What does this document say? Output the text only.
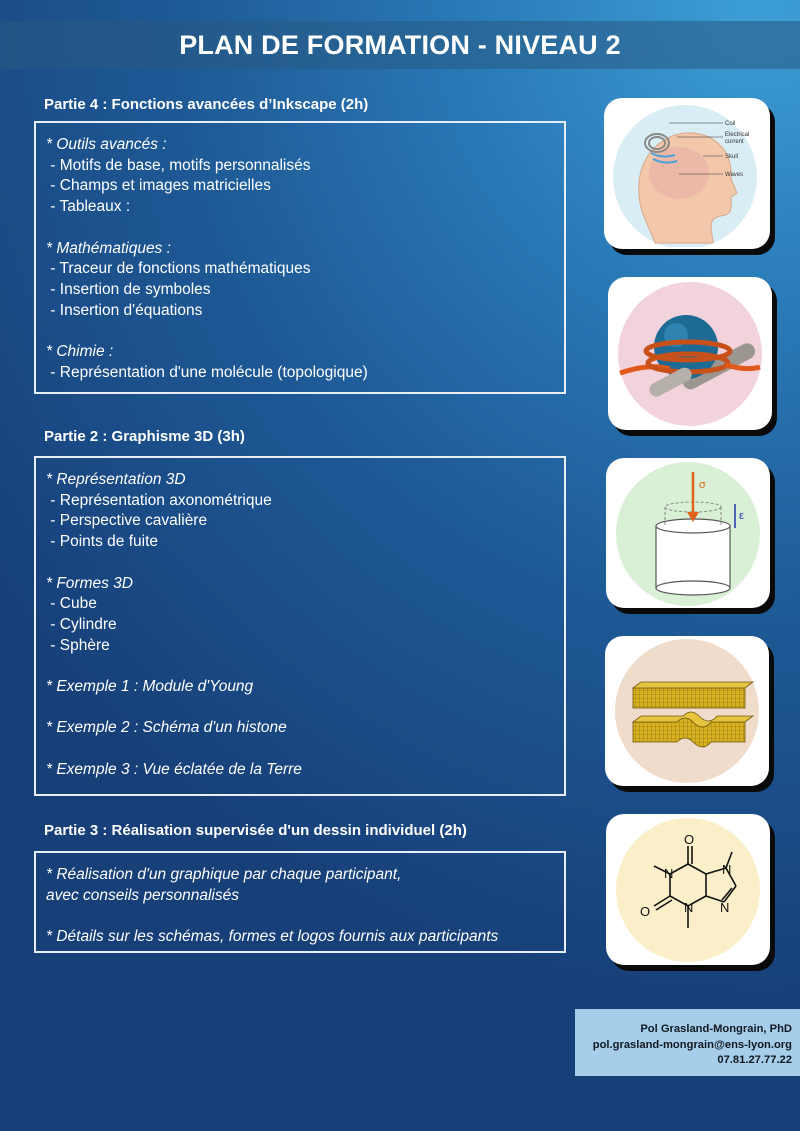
PLAN DE FORMATION - NIVEAU 2
Partie 4 : Fonctions avancées d’Inkscape (2h)
* Outils avancés :
- Motifs de base, motifs personnalisés
- Champs et images matricielles
- Tableaux :
* Mathématiques :
- Traceur de fonctions mathématiques
- Insertion de symboles
- Insertion d'équations
* Chimie :
- Représentation d'une molécule (topologique)
Partie 2 : Graphisme 3D (3h)
* Représentation 3D
- Représentation axonométrique
- Perspective cavalière
- Points de fuite
* Formes 3D
- Cube
- Cylindre
- Sphère
* Exemple 1 : Module d'Young
* Exemple 2 : Schéma d'un histone
* Exemple 3 : Vue éclatée de la Terre
Partie 3 : Réalisation supervisée d'un dessin individuel (2h)
* Réalisation d'un graphique par chaque participant,
avec conseils personnalisés
* Détails sur les schémas, formes et logos fournis aux participants
Coil
Electrical
current
Skull
Waves
σ
ε
O
O
N
N
N
N
Pol Grasland-Mongrain, PhD
pol.grasland-mongrain@ens-lyon.org
07.81.27.77.22
